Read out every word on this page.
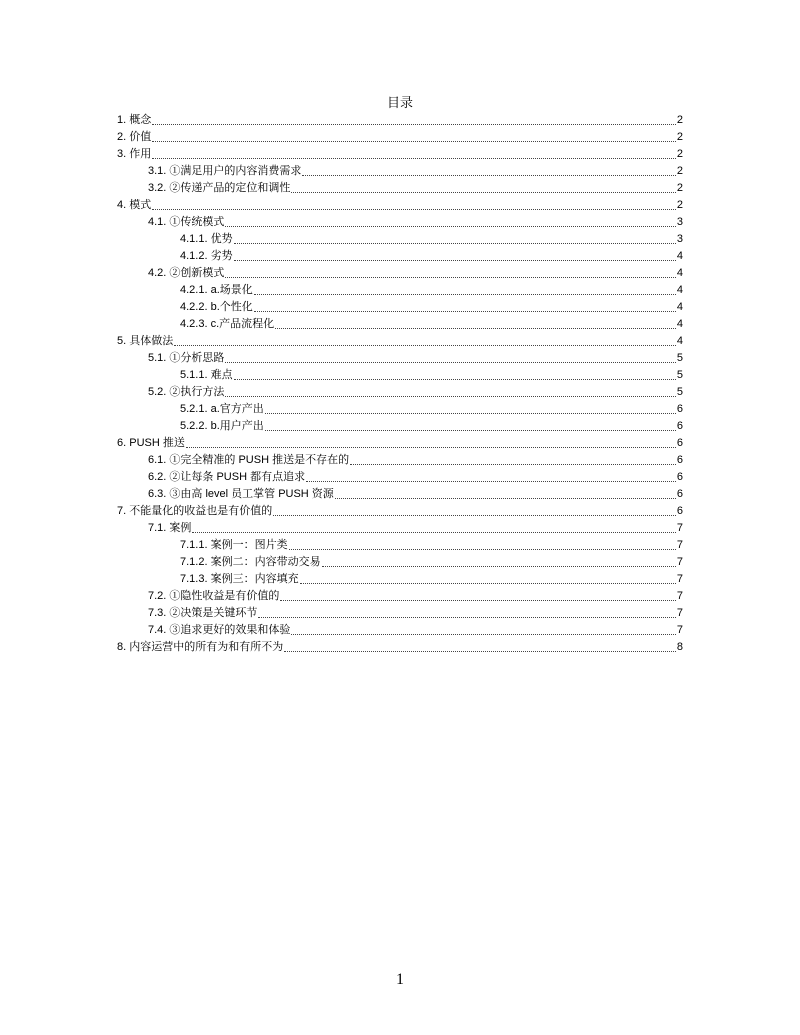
目录
1. 概念	2
2. 价值	2
3. 作用	2
3.1. ①满足用户的内容消费需求	2
3.2. ②传递产品的定位和调性	2
4. 模式	2
4.1. ①传统模式	3
4.1.1. 优势	3
4.1.2. 劣势	4
4.2. ②创新模式	4
4.2.1. a.场景化	4
4.2.2. b.个性化	4
4.2.3. c.产品流程化	4
5. 具体做法	4
5.1. ①分析思路	5
5.1.1. 难点	5
5.2. ②执行方法	5
5.2.1. a.官方产出	6
5.2.2. b.用户产出	6
6. PUSH 推送	6
6.1. ①完全精准的 PUSH 推送是不存在的	6
6.2. ②让每条 PUSH 都有点追求	6
6.3. ③由高 level 员工掌管 PUSH 资源	6
7. 不能量化的收益也是有价值的	6
7.1. 案例	7
7.1.1. 案例一：图片类	7
7.1.2. 案例二：内容带动交易	7
7.1.3. 案例三：内容填充	7
7.2. ①隐性收益是有价值的	7
7.3. ②决策是关键环节	7
7.4. ③追求更好的效果和体验	7
8. 内容运营中的所有为和有所不为	8
1
